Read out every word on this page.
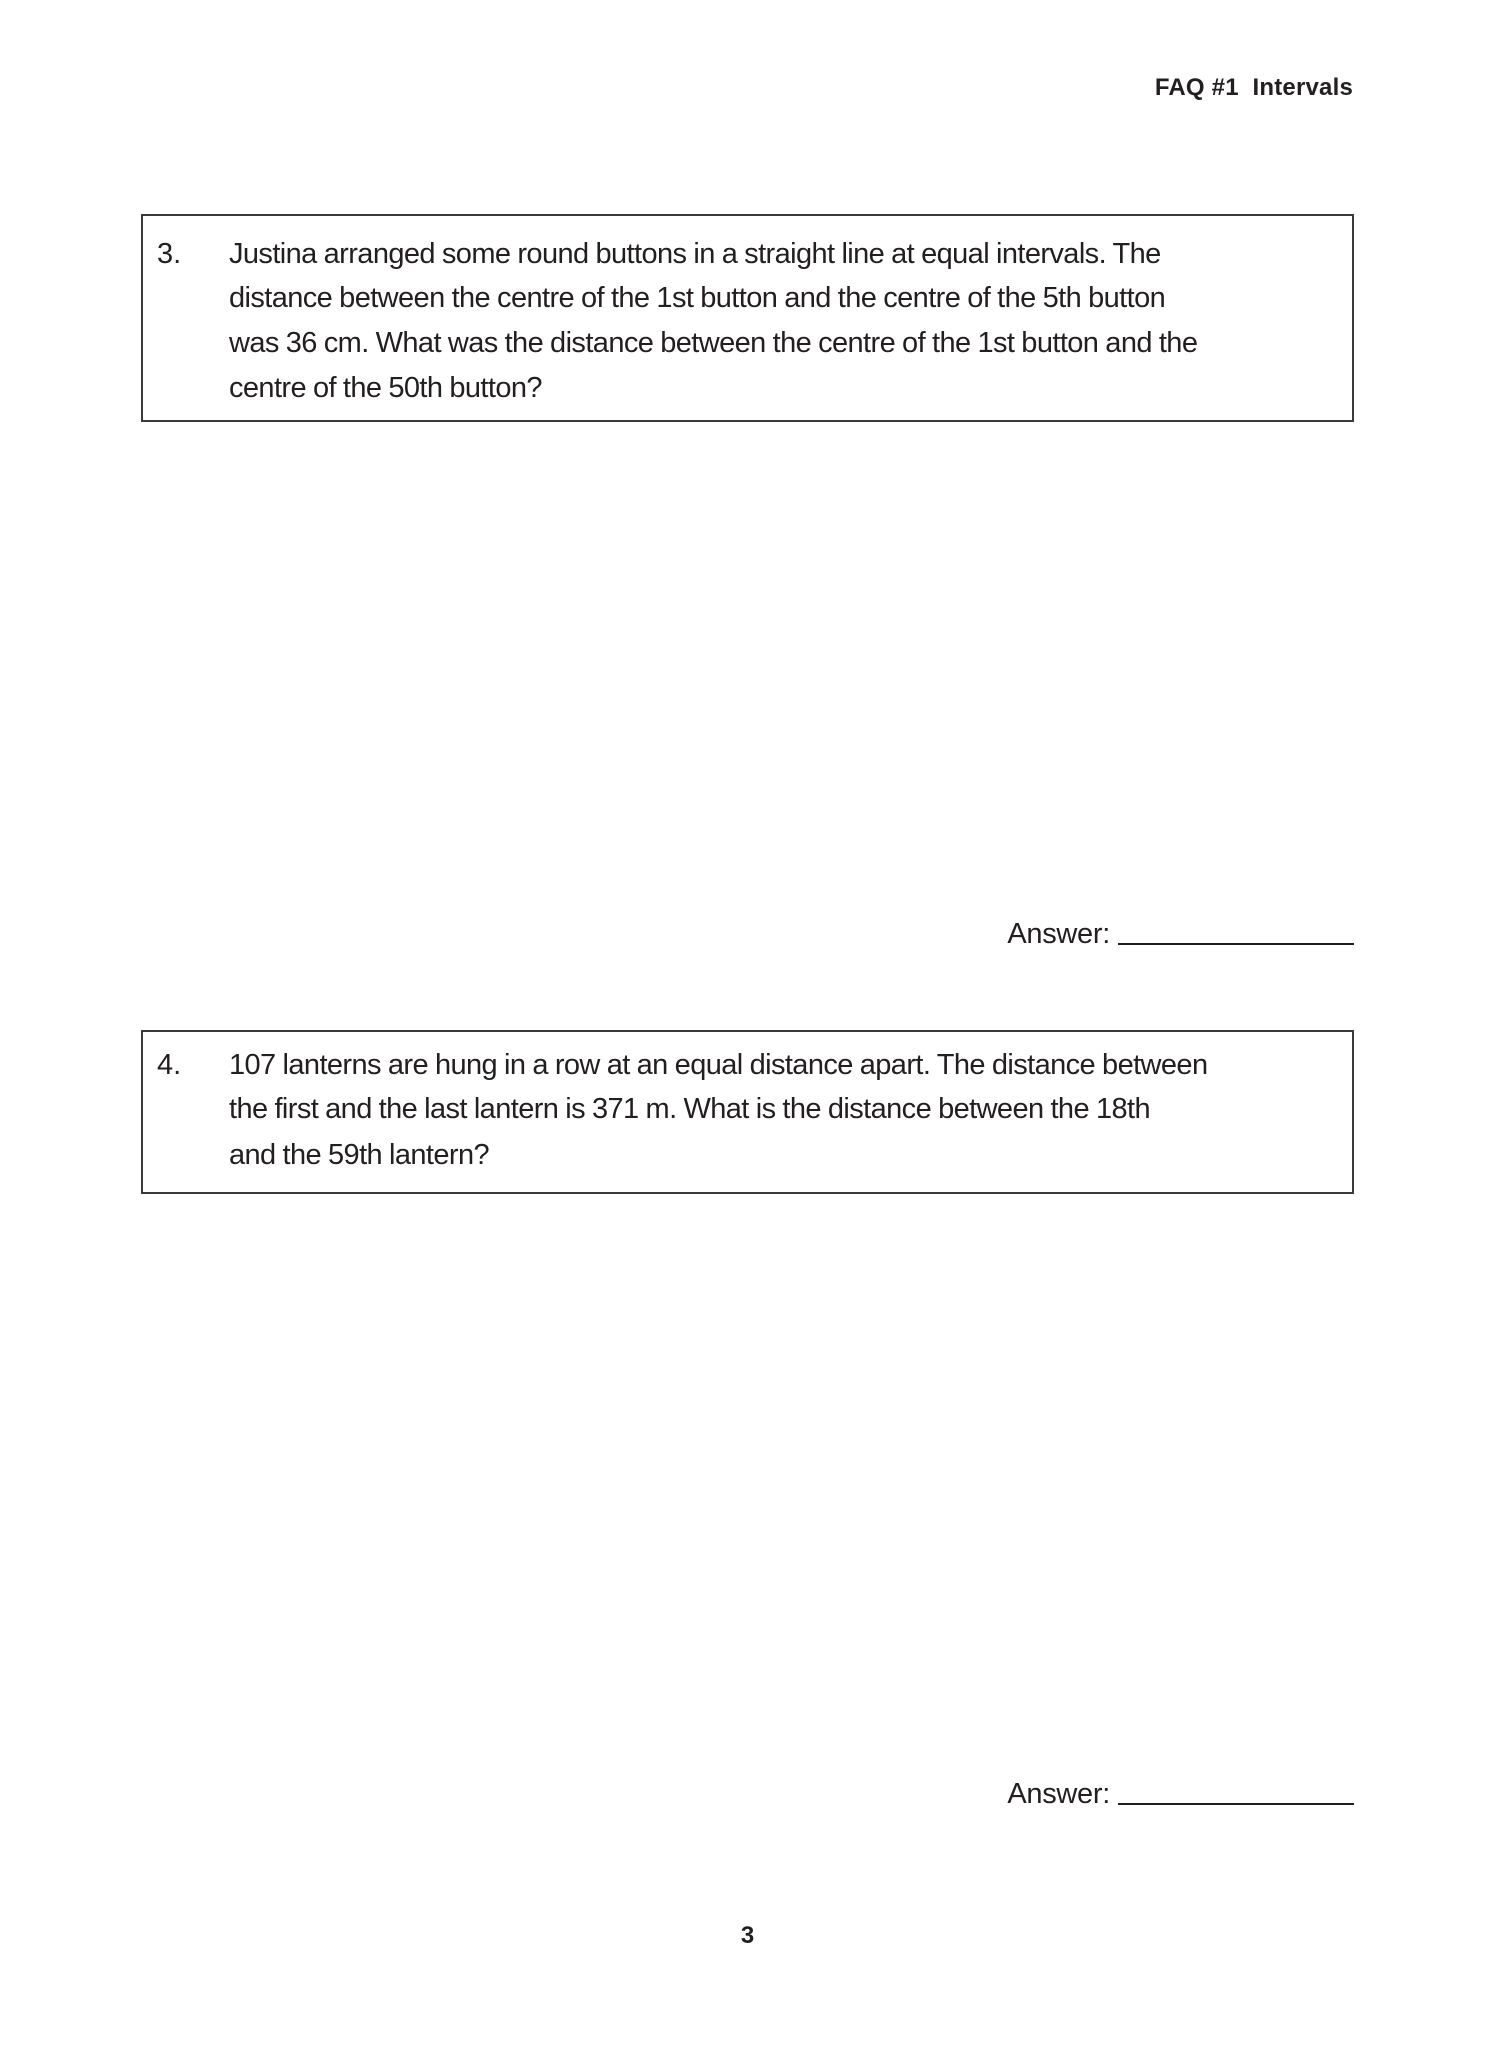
FAQ #1  Intervals
3. Justina arranged some round buttons in a straight line at equal intervals. The
distance between the centre of the 1st button and the centre of the 5th button
was 36 cm. What was the distance between the centre of the 1st button and the
centre of the 50th button?
Answer:
4. 107 lanterns are hung in a row at an equal distance apart. The distance between
the first and the last lantern is 371 m. What is the distance between the 18th
and the 59th lantern?
Answer:
3
